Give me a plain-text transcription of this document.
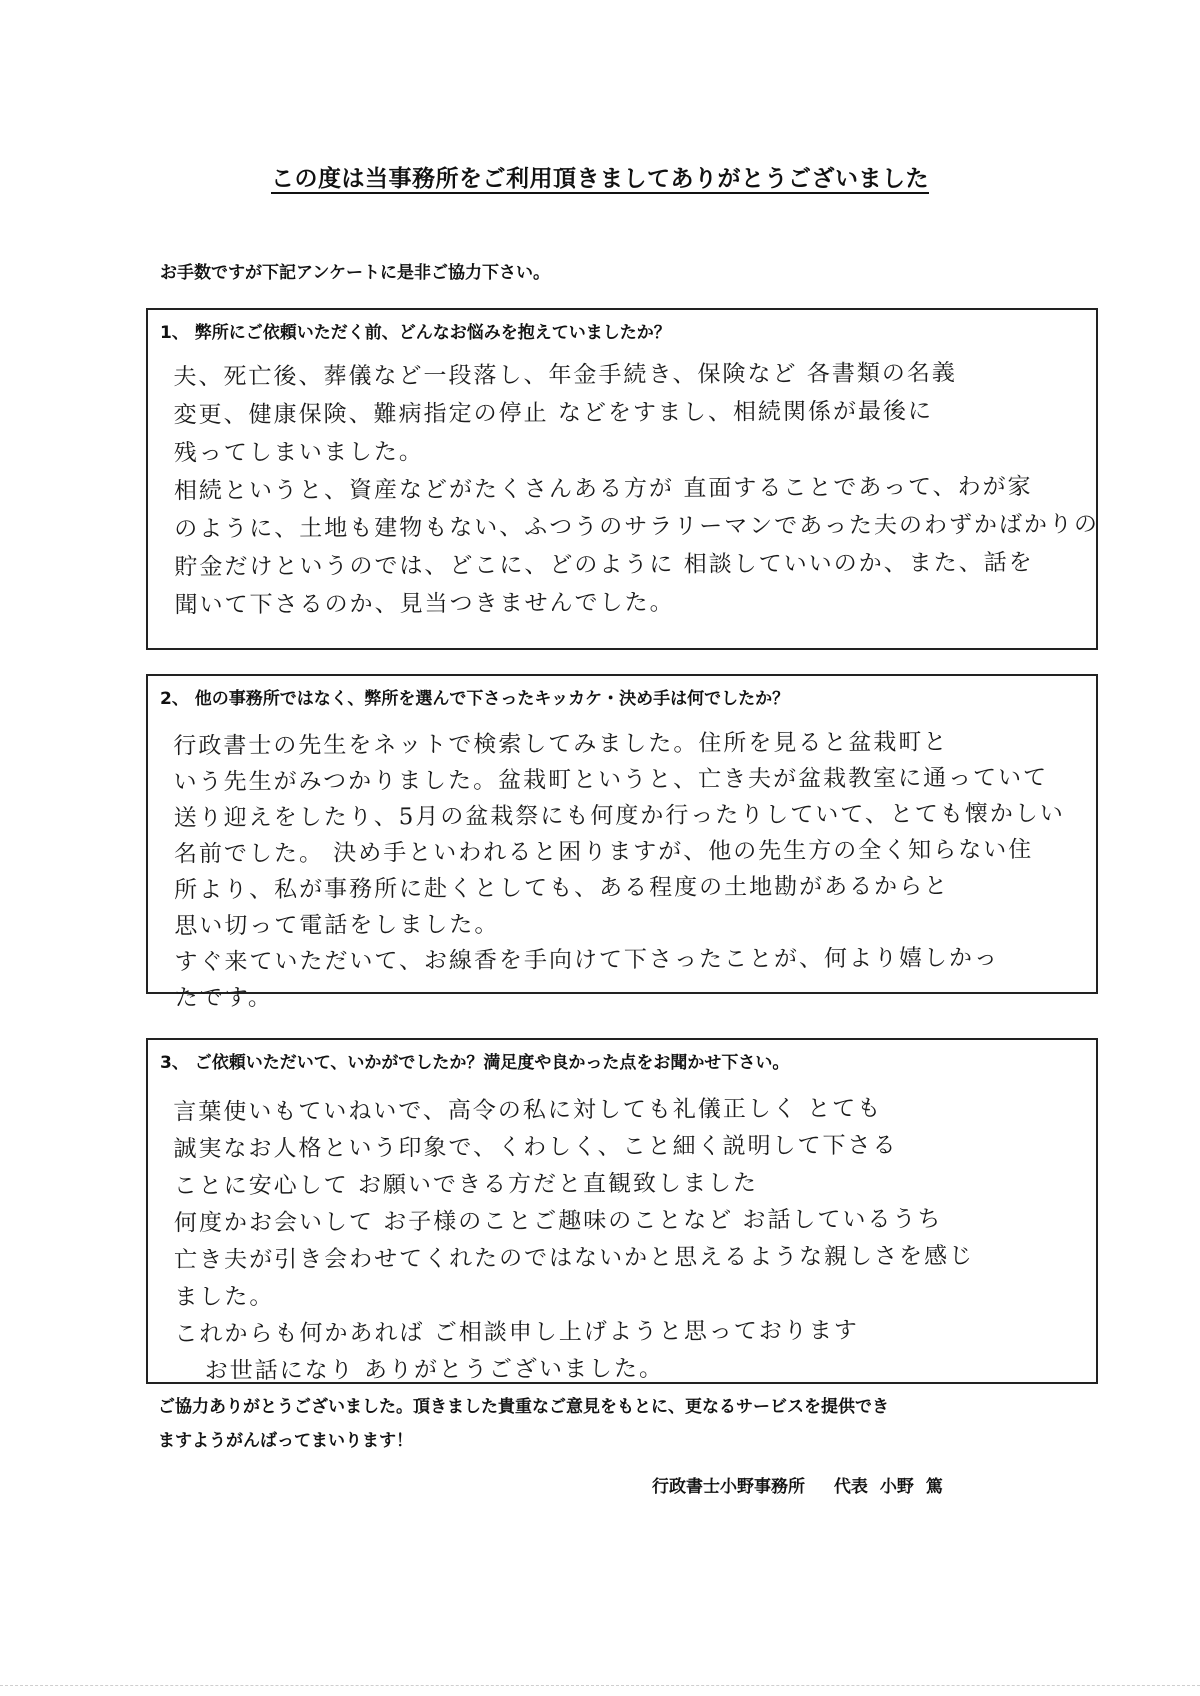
この度は当事務所をご利用頂きましてありがとうございました
お手数ですが下記アンケートに是非ご協力下さい。
1、 弊所にご依頼いただく前、どんなお悩みを抱えていましたか？
夫、死亡後、葬儀など一段落し、年金手続き、保険など 各書類の名義
変更、健康保険、難病指定の停止 などをすまし、相続関係が最後に
残ってしまいました。
相続というと、資産などがたくさんある方が 直面することであって、わが家
のように、土地も建物もない、ふつうのサラリーマンであった夫のわずかばかりの
貯金だけというのでは、どこに、どのように 相談していいのか、また、話を
聞いて下さるのか、見当つきませんでした。
2、 他の事務所ではなく、弊所を選んで下さったキッカケ・決め手は何でしたか？
行政書士の先生をネットで検索してみました。住所を見ると盆栽町と
いう先生がみつかりました。盆栽町というと、亡き夫が盆栽教室に通っていて
送り迎えをしたり、5月の盆栽祭にも何度か行ったりしていて、とても懐かしい
名前でした。 決め手といわれると困りますが、他の先生方の全く知らない住
所より、私が事務所に赴くとしても、ある程度の土地勘があるからと
思い切って電話をしました。
すぐ来ていただいて、お線香を手向けて下さったことが、何より嬉しかっ
たです。
3、 ご依頼いただいて、いかがでしたか？満足度や良かった点をお聞かせ下さい。
言葉使いもていねいで、高令の私に対しても礼儀正しく とても
誠実なお人格という印象で、くわしく、こと細く説明して下さる
ことに安心して お願いできる方だと直観致しました
何度かお会いして お子様のことご趣味のことなど お話しているうち
亡き夫が引き会わせてくれたのではないかと思えるような親しさを感じ
ました。
これからも何かあれば ご相談申し上げようと思っております
お世話になり ありがとうございました。
ご協力ありがとうございました。頂きました貴重なご意見をもとに、更なるサービスを提供でき
ますようがんばってまいります！
行政書士小野事務所　 代表 小野 篤
